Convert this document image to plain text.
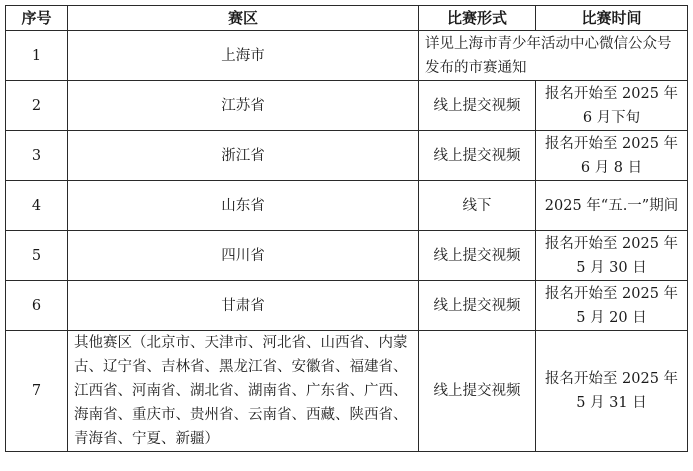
序号	赛区	比赛形式	比赛时间
1	上海市	详见上海市青少年活动中心微信公众号发布的市赛通知	
2	江苏省	线上提交视频	报名开始至 2025 年 6 月下旬
3	浙江省	线上提交视频	报名开始至 2025 年 6 月 8 日
4	山东省	线下	2025 年“五.一”期间
5	四川省	线上提交视频	报名开始至 2025 年 5 月 30 日
6	甘肃省	线上提交视频	报名开始至 2025 年 5 月 20 日
7	其他赛区（北京市、天津市、河北省、山西省、内蒙古、辽宁省、吉林省、黑龙江省、安徽省、福建省、江西省、河南省、湖北省、湖南省、广东省、广西、海南省、重庆市、贵州省、云南省、西藏、陕西省、青海省、宁夏、新疆）	线上提交视频	报名开始至 2025 年 5 月 31 日
